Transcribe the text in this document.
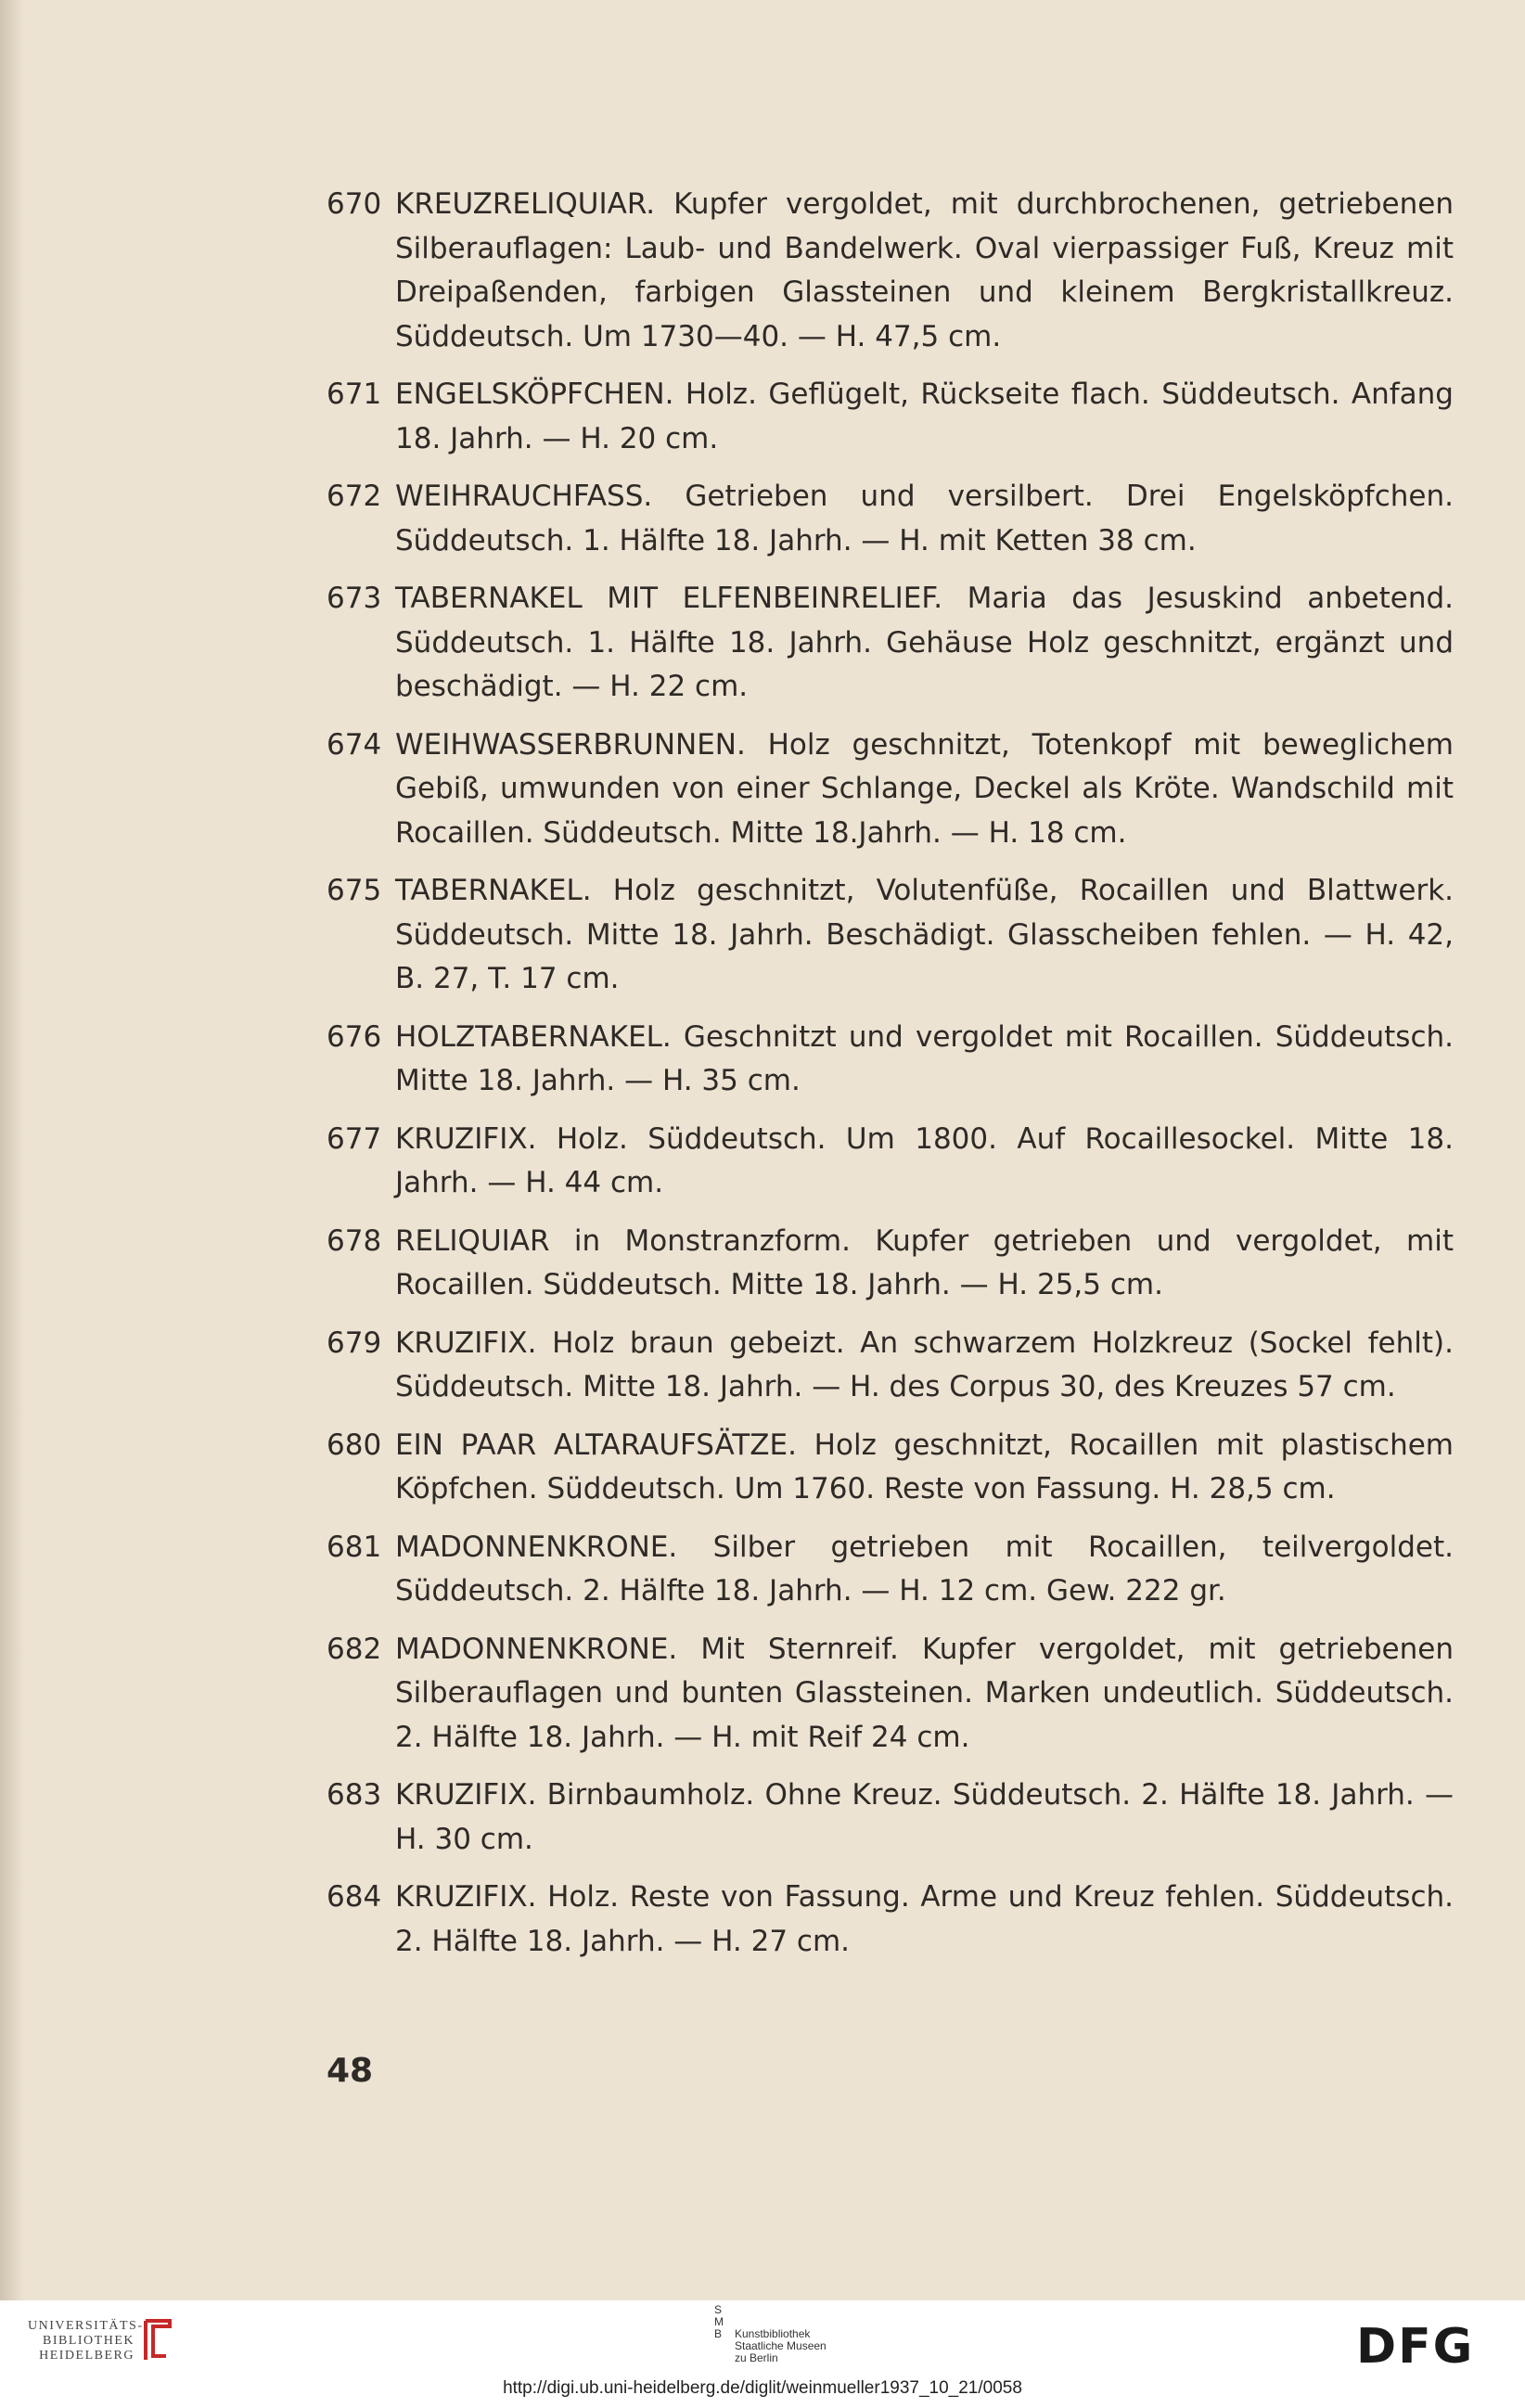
670 KREUZRELIQUIAR. Kupfer vergoldet, mit durchbrochenen, getriebenen Silberauflagen: Laub- und Bandelwerk. Oval vierpassiger Fuß, Kreuz mit Dreipaßenden, farbigen Glassteinen und kleinem Bergkristallkreuz. Süddeutsch. Um 1730—40. — H. 47,5 cm.
671 ENGELSKÖPFCHEN. Holz. Geflügelt, Rückseite flach. Süddeutsch. Anfang 18. Jahrh. — H. 20 cm.
672 WEIHRAUCHFASS. Getrieben und versilbert. Drei Engelsköpfchen. Süddeutsch. 1. Hälfte 18. Jahrh. — H. mit Ketten 38 cm.
673 TABERNAKEL MIT ELFENBEINRELIEF. Maria das Jesuskind anbetend. Süddeutsch. 1. Hälfte 18. Jahrh. Gehäuse Holz geschnitzt, ergänzt und beschädigt. — H. 22 cm.
674 WEIHWASSERBRUNNEN. Holz geschnitzt, Totenkopf mit beweglichem Gebiß, umwunden von einer Schlange, Deckel als Kröte. Wandschild mit Rocaillen. Süddeutsch. Mitte 18.Jahrh. — H. 18 cm.
675 TABERNAKEL. Holz geschnitzt, Volutenfüße, Rocaillen und Blattwerk. Süddeutsch. Mitte 18. Jahrh. Beschädigt. Glasscheiben fehlen. — H. 42, B. 27, T. 17 cm.
676 HOLZTABERNAKEL. Geschnitzt und vergoldet mit Rocaillen. Süddeutsch. Mitte 18. Jahrh. — H. 35 cm.
677 KRUZIFIX. Holz. Süddeutsch. Um 1800. Auf Rocaillesockel. Mitte 18. Jahrh. — H. 44 cm.
678 RELIQUIAR in Monstranzform. Kupfer getrieben und vergoldet, mit Rocaillen. Süddeutsch. Mitte 18. Jahrh. — H. 25,5 cm.
679 KRUZIFIX. Holz braun gebeizt. An schwarzem Holzkreuz (Sockel fehlt). Süddeutsch. Mitte 18. Jahrh. — H. des Corpus 30, des Kreuzes 57 cm.
680 EIN PAAR ALTARAUFSÄTZE. Holz geschnitzt, Rocaillen mit plastischem Köpfchen. Süddeutsch. Um 1760. Reste von Fassung. H. 28,5 cm.
681 MADONNENKRONE. Silber getrieben mit Rocaillen, teilvergoldet. Süddeutsch. 2. Hälfte 18. Jahrh. — H. 12 cm. Gew. 222 gr.
682 MADONNENKRONE. Mit Sternreif. Kupfer vergoldet, mit getriebenen Silberauflagen und bunten Glassteinen. Marken undeutlich. Süddeutsch. 2. Hälfte 18. Jahrh. — H. mit Reif 24 cm.
683 KRUZIFIX. Birnbaumholz. Ohne Kreuz. Süddeutsch. 2. Hälfte 18. Jahrh. — H. 30 cm.
684 KRUZIFIX. Holz. Reste von Fassung. Arme und Kreuz fehlen. Süddeutsch. 2. Hälfte 18. Jahrh. — H. 27 cm.
48
UNIVERSITÄTS-
BIBLIOTHEK
HEIDELBERG
S
M
B	Kunstbibliothek
Staatliche Museen
zu Berlin	DFG
http://digi.ub.uni-heidelberg.de/diglit/weinmueller1937_10_21/0058
